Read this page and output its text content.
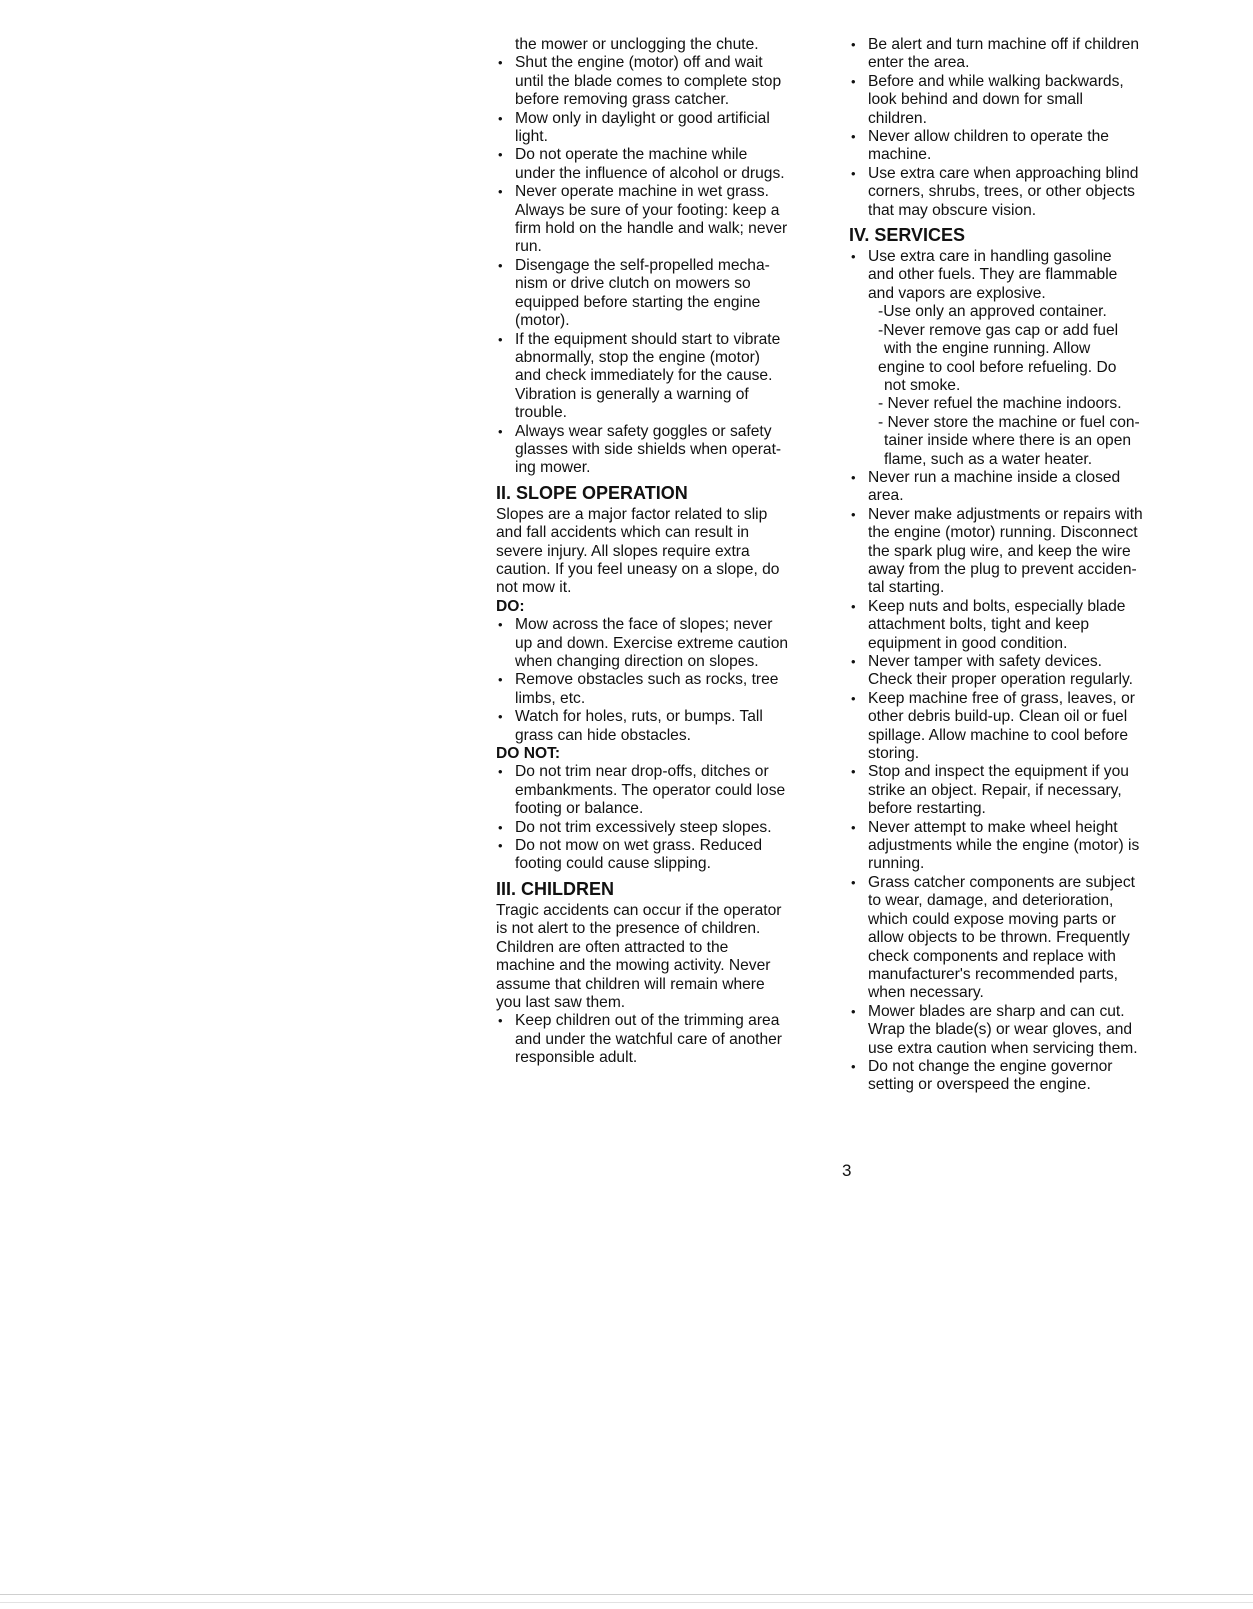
the mower or unclogging the chute.
• Shut the engine (motor) off and wait
until the blade comes to complete stop
before removing grass catcher.
• Mow only in daylight or good artificial
light.
• Do not operate the machine while
under the influence of alcohol or drugs.
• Never operate machine in wet grass.
Always be sure of your footing: keep a
firm hold on the handle and walk; never
run.
• Disengage the self-propelled mecha-
nism or drive clutch on mowers so
equipped before starting the engine
(motor).
• If the equipment should start to vibrate
abnormally, stop the engine (motor)
and check immediately for the cause.
Vibration is generally a warning of
trouble.
• Always wear safety goggles or safety
glasses with side shields when operat-
ing mower.
II. SLOPE OPERATION
Slopes are a major factor related to slip
and fall accidents which can result in
severe injury. All slopes require extra
caution. If you feel uneasy on a slope, do
not mow it.
DO:
• Mow across the face of slopes; never
up and down. Exercise extreme caution
when changing direction on slopes.
• Remove obstacles such as rocks, tree
limbs, etc.
• Watch for holes, ruts, or bumps. Tall
grass can hide obstacles.
DO NOT:
• Do not trim near drop-offs, ditches or
embankments. The operator could lose
footing or balance.
• Do not trim excessively steep slopes.
• Do not mow on wet grass. Reduced
footing could cause slipping.
III. CHILDREN
Tragic accidents can occur if the operator
is not alert to the presence of children.
Children are often attracted to the
machine and the mowing activity. Never
assume that children will remain where
you last saw them.
• Keep children out of the trimming area
and under the watchful care of another
responsible adult.
• Be alert and turn machine off if children
enter the area.
• Before and while walking backwards,
look behind and down for small
children.
• Never allow children to operate the
machine.
• Use extra care when approaching blind
corners, shrubs, trees, or other objects
that may obscure vision.
IV. SERVICES
• Use extra care in handling gasoline
and other fuels. They are flammable
and vapors are explosive.
-Use only an approved container.
-Never remove gas cap or add fuel
with the engine running. Allow
engine to cool before refueling. Do
not smoke.
- Never refuel the machine indoors.
- Never store the machine or fuel con-
tainer inside where there is an open
flame, such as a water heater.
• Never run a machine inside a closed
area.
• Never make adjustments or repairs with
the engine (motor) running. Disconnect
the spark plug wire, and keep the wire
away from the plug to prevent acciden-
tal starting.
• Keep nuts and bolts, especially blade
attachment bolts, tight and keep
equipment in good condition.
• Never tamper with safety devices.
Check their proper operation regularly.
• Keep machine free of grass, leaves, or
other debris build-up. Clean oil or fuel
spillage. Allow machine to cool before
storing.
• Stop and inspect the equipment if you
strike an object. Repair, if necessary,
before restarting.
• Never attempt to make wheel height
adjustments while the engine (motor) is
running.
• Grass catcher components are subject
to wear, damage, and deterioration,
which could expose moving parts or
allow objects to be thrown. Frequently
check components and replace with
manufacturer's recommended parts,
when necessary.
• Mower blades are sharp and can cut.
Wrap the blade(s) or wear gloves, and
use extra caution when servicing them.
• Do not change the engine governor
setting or overspeed the engine.
3
